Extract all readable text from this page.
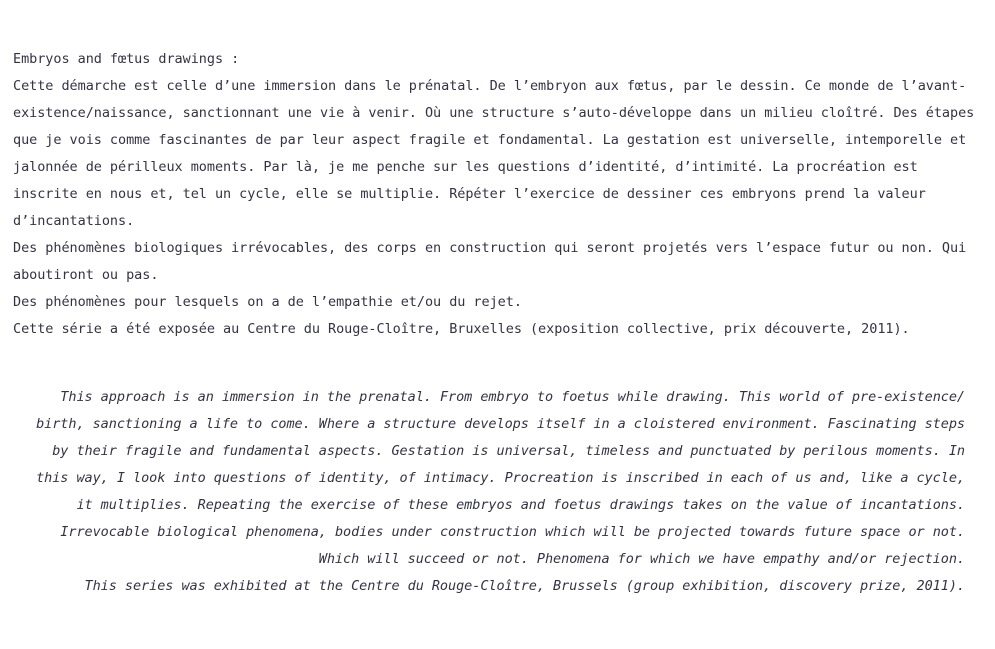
Embryos and fœtus drawings :
Cette démarche est celle d’une immersion dans le prénatal. De l’embryon aux fœtus, par le dessin. Ce monde de l’avant-
existence/naissance, sanctionnant une vie à venir. Où une structure s’auto-développe dans un milieu cloîtré. Des étapes
que je vois comme fascinantes de par leur aspect fragile et fondamental. La gestation est universelle, intemporelle et
jalonnée de périlleux moments. Par là, je me penche sur les questions d’identité, d’intimité. La procréation est
inscrite en nous et, tel un cycle, elle se multiplie. Répéter l’exercice de dessiner ces embryons prend la valeur
d’incantations.
Des phénomènes biologiques irrévocables, des corps en construction qui seront projetés vers l’espace futur ou non. Qui
aboutiront ou pas.
Des phénomènes pour lesquels on a de l’empathie et/ou du rejet.
Cette série a été exposée au Centre du Rouge-Cloître, Bruxelles (exposition collective, prix découverte, 2011).
This approach is an immersion in the prenatal. From embryo to foetus while drawing. This world of pre-existence/
birth, sanctioning a life to come. Where a structure develops itself in a cloistered environment. Fascinating steps
by their fragile and fundamental aspects. Gestation is universal, timeless and punctuated by perilous moments. In
this way, I look into questions of identity, of intimacy. Procreation is inscribed in each of us and, like a cycle,
it multiplies. Repeating the exercise of these embryos and foetus drawings takes on the value of incantations.
Irrevocable biological phenomena, bodies under construction which will be projected towards future space or not.
Which will succeed or not. Phenomena for which we have empathy and/or rejection.
This series was exhibited at the Centre du Rouge-Cloître, Brussels (group exhibition, discovery prize, 2011).
